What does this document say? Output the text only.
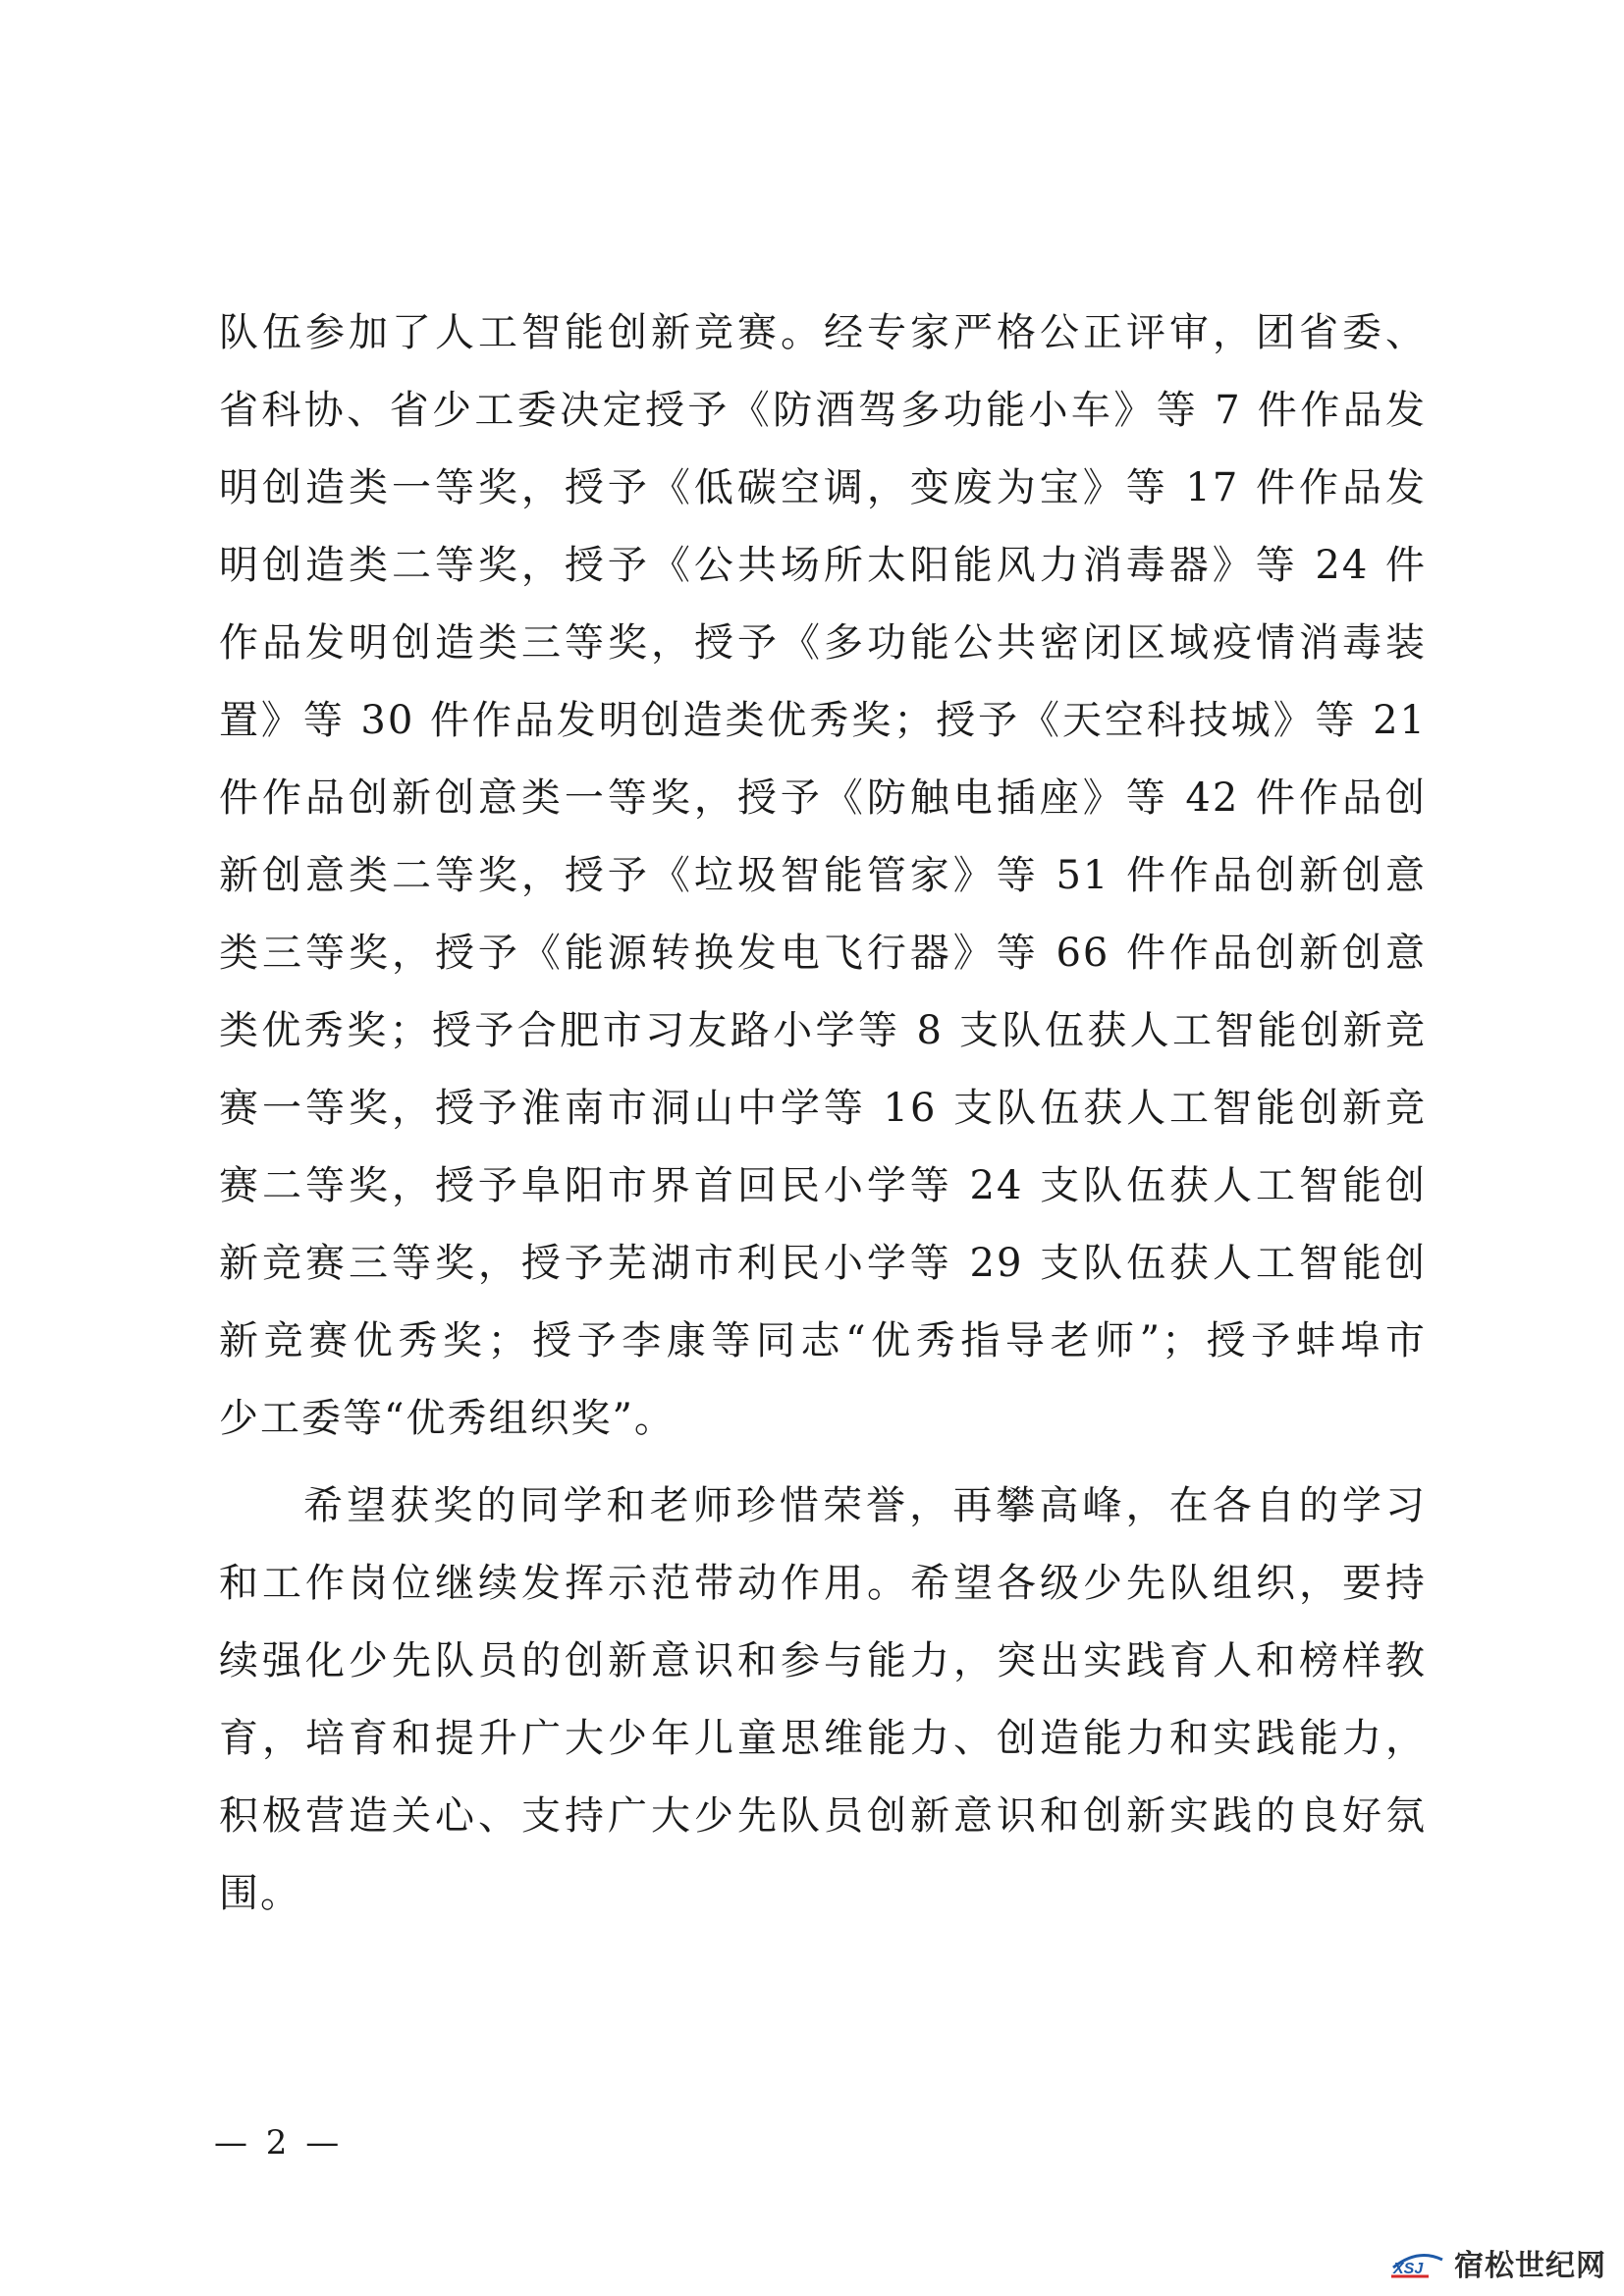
队伍参加了人工智能创新竞赛。经专家严格公正评审，团省委、
省科协、省少工委决定授予《防酒驾多功能小车》等 7 件作品发
明创造类一等奖，授予《低碳空调，变废为宝》等 17 件作品发
明创造类二等奖，授予《公共场所太阳能风力消毒器》等 24 件
作品发明创造类三等奖，授予《多功能公共密闭区域疫情消毒装
置》等 30 件作品发明创造类优秀奖；授予《天空科技城》等 21
件作品创新创意类一等奖，授予《防触电插座》等 42 件作品创
新创意类二等奖，授予《垃圾智能管家》等 51 件作品创新创意
类三等奖，授予《能源转换发电飞行器》等 66 件作品创新创意
类优秀奖；授予合肥市习友路小学等 8 支队伍获人工智能创新竞
赛一等奖，授予淮南市洞山中学等 16 支队伍获人工智能创新竞
赛二等奖，授予阜阳市界首回民小学等 24 支队伍获人工智能创
新竞赛三等奖，授予芜湖市利民小学等 29 支队伍获人工智能创
新竞赛优秀奖；授予李康等同志“优秀指导老师”；授予蚌埠市
少工委等“优秀组织奖”。
希望获奖的同学和老师珍惜荣誉，再攀高峰，在各自的学习
和工作岗位继续发挥示范带动作用。希望各级少先队组织，要持
续强化少先队员的创新意识和参与能力，突出实践育人和榜样教
育，培育和提升广大少年儿童思维能力、创造能力和实践能力，
积极营造关心、支持广大少先队员创新意识和创新实践的良好氛
围。
— 2 —
XSJ 宿松世纪网
